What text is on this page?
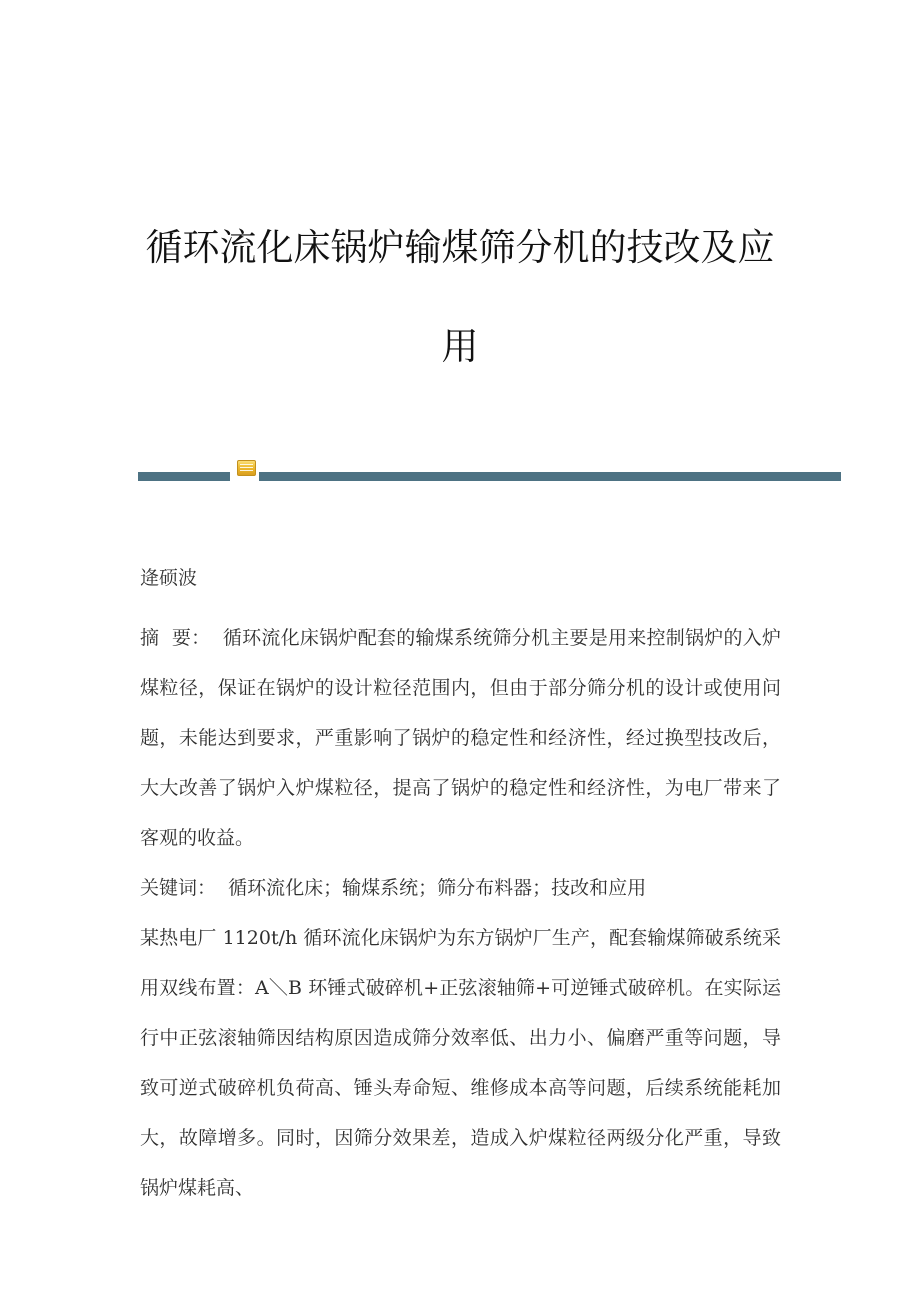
循环流化床锅炉输煤筛分机的技改及应用

逄硕波

摘  要：  循环流化床锅炉配套的输煤系统筛分机主要是用来控制锅炉的入炉煤粒径，保证在锅炉的设计粒径范围内，但由于部分筛分机的设计或使用问题，未能达到要求，严重影响了锅炉的稳定性和经济性，经过换型技改后，大大改善了锅炉入炉煤粒径，提高了锅炉的稳定性和经济性，为电厂带来了客观的收益。

关键词：  循环流化床；输煤系统；筛分布料器；技改和应用

某热电厂 1120t/h 循环流化床锅炉为东方锅炉厂生产，配套输煤筛破系统采用双线布置：A＼B 环锤式破碎机+正弦滚轴筛+可逆锤式破碎机。在实际运行中正弦滚轴筛因结构原因造成筛分效率低、出力小、偏磨严重等问题，导致可逆式破碎机负荷高、锤头寿命短、维修成本高等问题，后续系统能耗加大，故障增多。同时，因筛分效果差，造成入炉煤粒径两级分化严重，导致锅炉煤耗高、
